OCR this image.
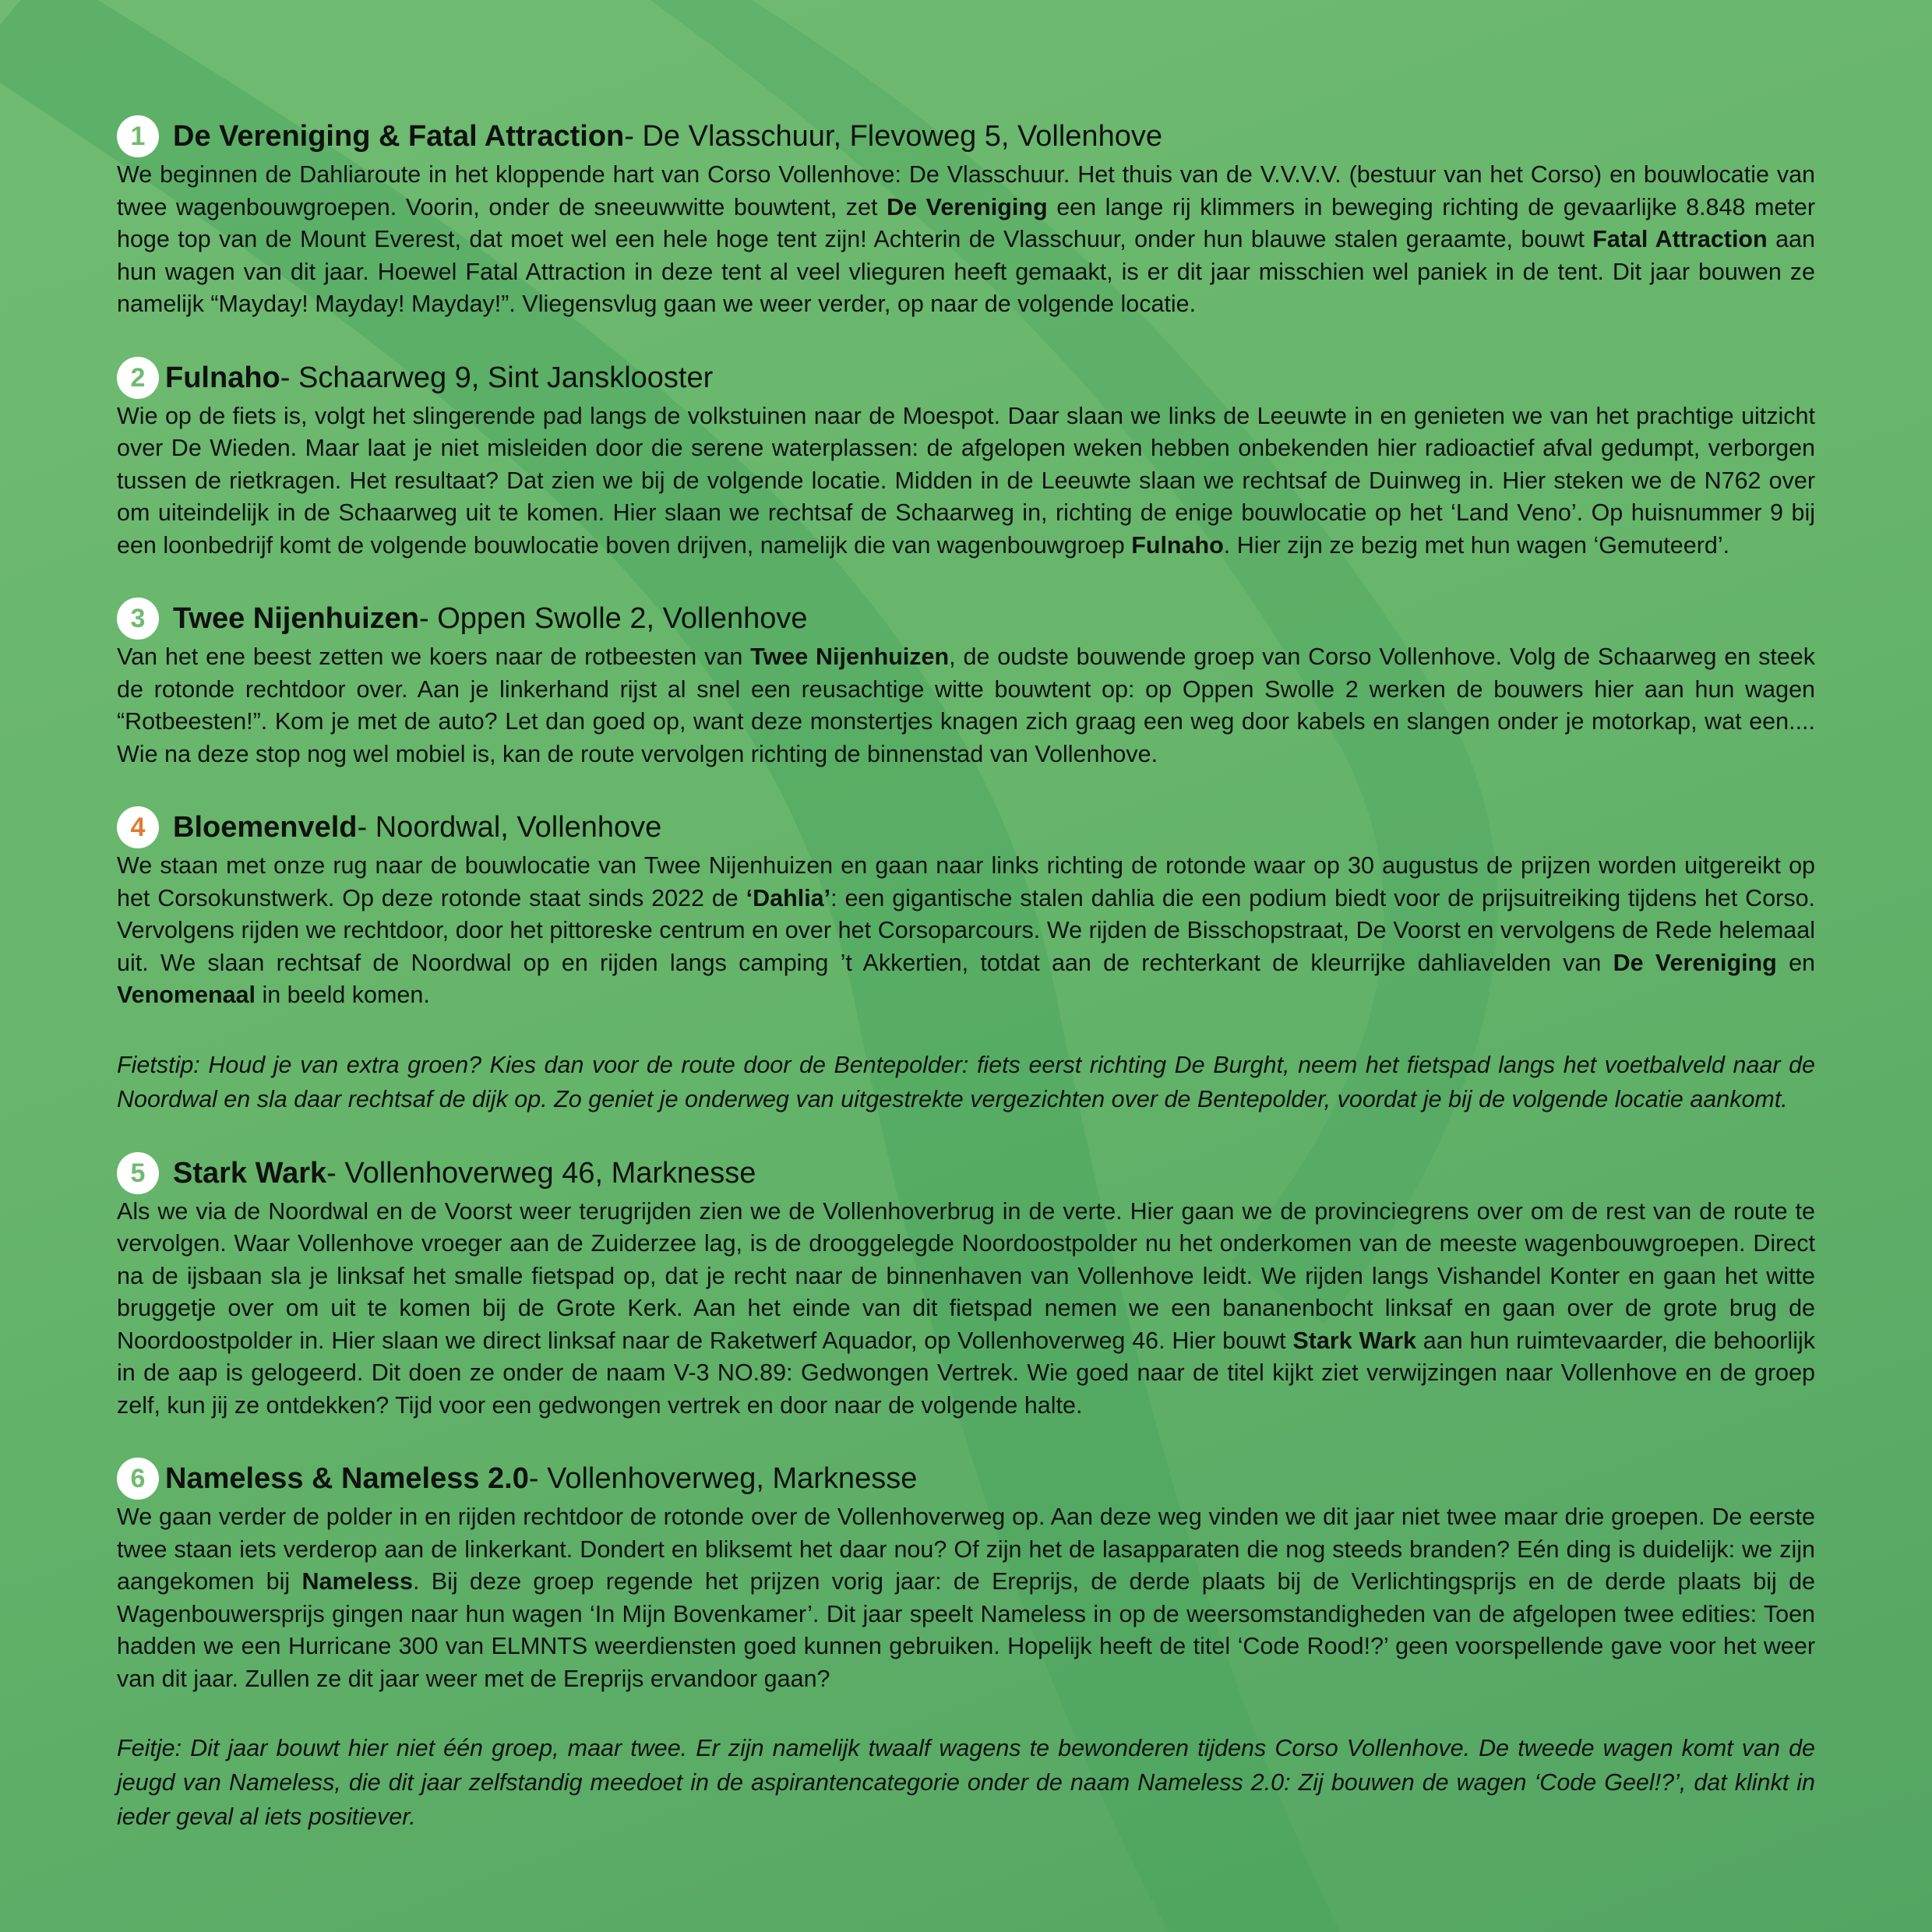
1 De Vereniging & Fatal Attraction - De Vlasschuur, Flevoweg 5, Vollenhove

We beginnen de Dahliaroute in het kloppende hart van Corso Vollenhove: De Vlasschuur. Het thuis van de V.V.V.V. (bestuur van het Corso) en bouwlocatie van twee wagenbouwgroepen. Voorin, onder de sneeuwwitte bouwtent, zet De Vereniging een lange rij klimmers in beweging richting de gevaarlijke 8.848 meter hoge top van de Mount Everest, dat moet wel een hele hoge tent zijn! Achterin de Vlasschuur, onder hun blauwe stalen geraamte, bouwt Fatal Attraction aan hun wagen van dit jaar. Hoewel Fatal Attraction in deze tent al veel vlieguren heeft gemaakt, is er dit jaar misschien wel paniek in de tent. Dit jaar bouwen ze namelijk “Mayday! Mayday! Mayday!”. Vliegensvlug gaan we weer verder, op naar de volgende locatie.

2 Fulnaho - Schaarweg 9, Sint Jansklooster

Wie op de fiets is, volgt het slingerende pad langs de volkstuinen naar de Moespot. Daar slaan we links de Leeuwte in en genieten we van het prachtige uitzicht over De Wieden. Maar laat je niet misleiden door die serene waterplassen: de afgelopen weken hebben onbekenden hier radioactief afval gedumpt, verborgen tussen de rietkragen. Het resultaat? Dat zien we bij de volgende locatie. Midden in de Leeuwte slaan we rechtsaf de Duinweg in. Hier steken we de N762 over om uiteindelijk in de Schaarweg uit te komen. Hier slaan we rechtsaf de Schaarweg in, richting de enige bouwlocatie op het ‘Land Veno’. Op huisnummer 9 bij een loonbedrijf komt de volgende bouwlocatie boven drijven, namelijk die van wagenbouwgroep Fulnaho. Hier zijn ze bezig met hun wagen ‘Gemuteerd’.

3 Twee Nijenhuizen - Oppen Swolle 2, Vollenhove

Van het ene beest zetten we koers naar de rotbeesten van Twee Nijenhuizen, de oudste bouwende groep van Corso Vollenhove. Volg de Schaarweg en steek de rotonde rechtdoor over. Aan je linkerhand rijst al snel een reusachtige witte bouwtent op: op Oppen Swolle 2 werken de bouwers hier aan hun wagen “Rotbeesten!”. Kom je met de auto? Let dan goed op, want deze monstertjes knagen zich graag een weg door kabels en slangen onder je motorkap, wat een.... Wie na deze stop nog wel mobiel is, kan de route vervolgen richting de binnenstad van Vollenhove.

4 Bloemenveld - Noordwal, Vollenhove

We staan met onze rug naar de bouwlocatie van Twee Nijenhuizen en gaan naar links richting de rotonde waar op 30 augustus de prijzen worden uitgereikt op het Corsokunstwerk. Op deze rotonde staat sinds 2022 de ‘Dahlia’: een gigantische stalen dahlia die een podium biedt voor de prijsuitreiking tijdens het Corso. Vervolgens rijden we rechtdoor, door het pittoreske centrum en over het Corsoparcours. We rijden de Bisschopstraat, De Voorst en vervolgens de Rede helemaal uit. We slaan rechtsaf de Noordwal op en rijden langs camping ’t Akkertien, totdat aan de rechterkant de kleurrijke dahliavelden van De Vereniging en Venomenaal in beeld komen.

Fietstip: Houd je van extra groen? Kies dan voor de route door de Bentepolder: fiets eerst richting De Burght, neem het fietspad langs het voetbalveld naar de Noordwal en sla daar rechtsaf de dijk op. Zo geniet je onderweg van uitgestrekte vergezichten over de Bentepolder, voordat je bij de volgende locatie aankomt.

5 Stark Wark - Vollenhoverweg 46, Marknesse

Als we via de Noordwal en de Voorst weer terugrijden zien we de Vollenhoverbrug in de verte. Hier gaan we de provinciegrens over om de rest van de route te vervolgen. Waar Vollenhove vroeger aan de Zuiderzee lag, is de drooggelegde Noordoostpolder nu het onderkomen van de meeste wagenbouwgroepen. Direct na de ijsbaan sla je linksaf het smalle fietspad op, dat je recht naar de binnenhaven van Vollenhove leidt. We rijden langs Vishandel Konter en gaan het witte bruggetje over om uit te komen bij de Grote Kerk. Aan het einde van dit fietspad nemen we een bananenbocht linksaf en gaan over de grote brug de Noordoostpolder in. Hier slaan we direct linksaf naar de Raketwerf Aquador, op Vollenhoverweg 46. Hier bouwt Stark Wark aan hun ruimtevaarder, die behoorlijk in de aap is gelogeerd. Dit doen ze onder de naam V-3 NO.89: Gedwongen Vertrek. Wie goed naar de titel kijkt ziet verwijzingen naar Vollenhove en de groep zelf, kun jij ze ontdekken? Tijd voor een gedwongen vertrek en door naar de volgende halte.

6 Nameless & Nameless 2.0 - Vollenhoverweg, Marknesse

We gaan verder de polder in en rijden rechtdoor de rotonde over de Vollenhoverweg op. Aan deze weg vinden we dit jaar niet twee maar drie groepen. De eerste twee staan iets verderop aan de linkerkant. Dondert en bliksemt het daar nou? Of zijn het de lasapparaten die nog steeds branden? Eén ding is duidelijk: we zijn aangekomen bij Nameless. Bij deze groep regende het prijzen vorig jaar: de Ereprijs, de derde plaats bij de Verlichtingsprijs en de derde plaats bij de Wagenbouwersprijs gingen naar hun wagen ‘In Mijn Bovenkamer’. Dit jaar speelt Nameless in op de weersomstandigheden van de afgelopen twee edities: Toen hadden we een Hurricane 300 van ELMNTS weerdiensten goed kunnen gebruiken. Hopelijk heeft de titel ‘Code Rood!?’ geen voorspellende gave voor het weer van dit jaar. Zullen ze dit jaar weer met de Ereprijs ervandoor gaan?

Feitje: Dit jaar bouwt hier niet één groep, maar twee. Er zijn namelijk twaalf wagens te bewonderen tijdens Corso Vollenhove. De tweede wagen komt van de jeugd van Nameless, die dit jaar zelfstandig meedoet in de aspirantencategorie onder de naam Nameless 2.0: Zij bouwen de wagen ‘Code Geel!?’, dat klinkt in ieder geval al iets positiever.
